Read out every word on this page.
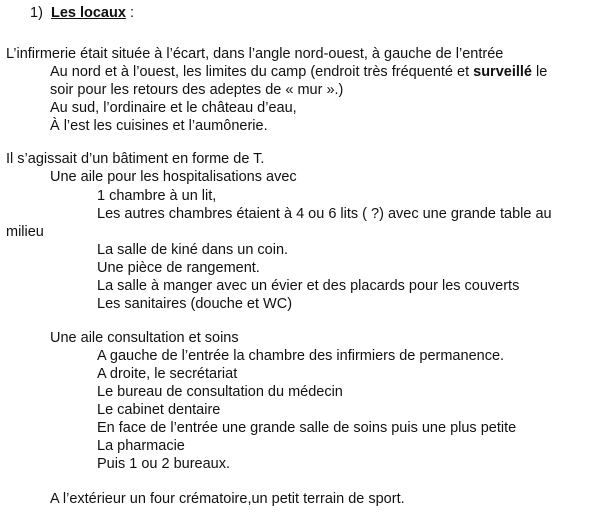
1) Les locaux :
L’infirmerie était située à l’écart, dans l’angle nord-ouest, à gauche de l’entrée
Au nord et à l’ouest, les limites du camp (endroit très fréquenté et surveillé le
soir pour les retours des adeptes de « mur ».)
Au sud, l’ordinaire et le château d’eau,
À l’est les cuisines et l’aumônerie.
Il s’agissait d’un bâtiment en forme de T.
Une aile pour les hospitalisations avec
1 chambre à un lit,
Les autres chambres étaient à 4 ou 6 lits ( ?) avec une grande table au
milieu
La salle de kiné dans un coin.
Une pièce de rangement.
La salle à manger avec un évier et des placards pour les couverts
Les sanitaires (douche et WC)
Une aile consultation et soins
A gauche de l’entrée la chambre des infirmiers de permanence.
A droite, le secrétariat
Le bureau de consultation du médecin
Le cabinet dentaire
En face de l’entrée une grande salle de soins puis une plus petite
La pharmacie
Puis 1 ou 2 bureaux.
A l’extérieur un four crématoire,un petit terrain de sport.
